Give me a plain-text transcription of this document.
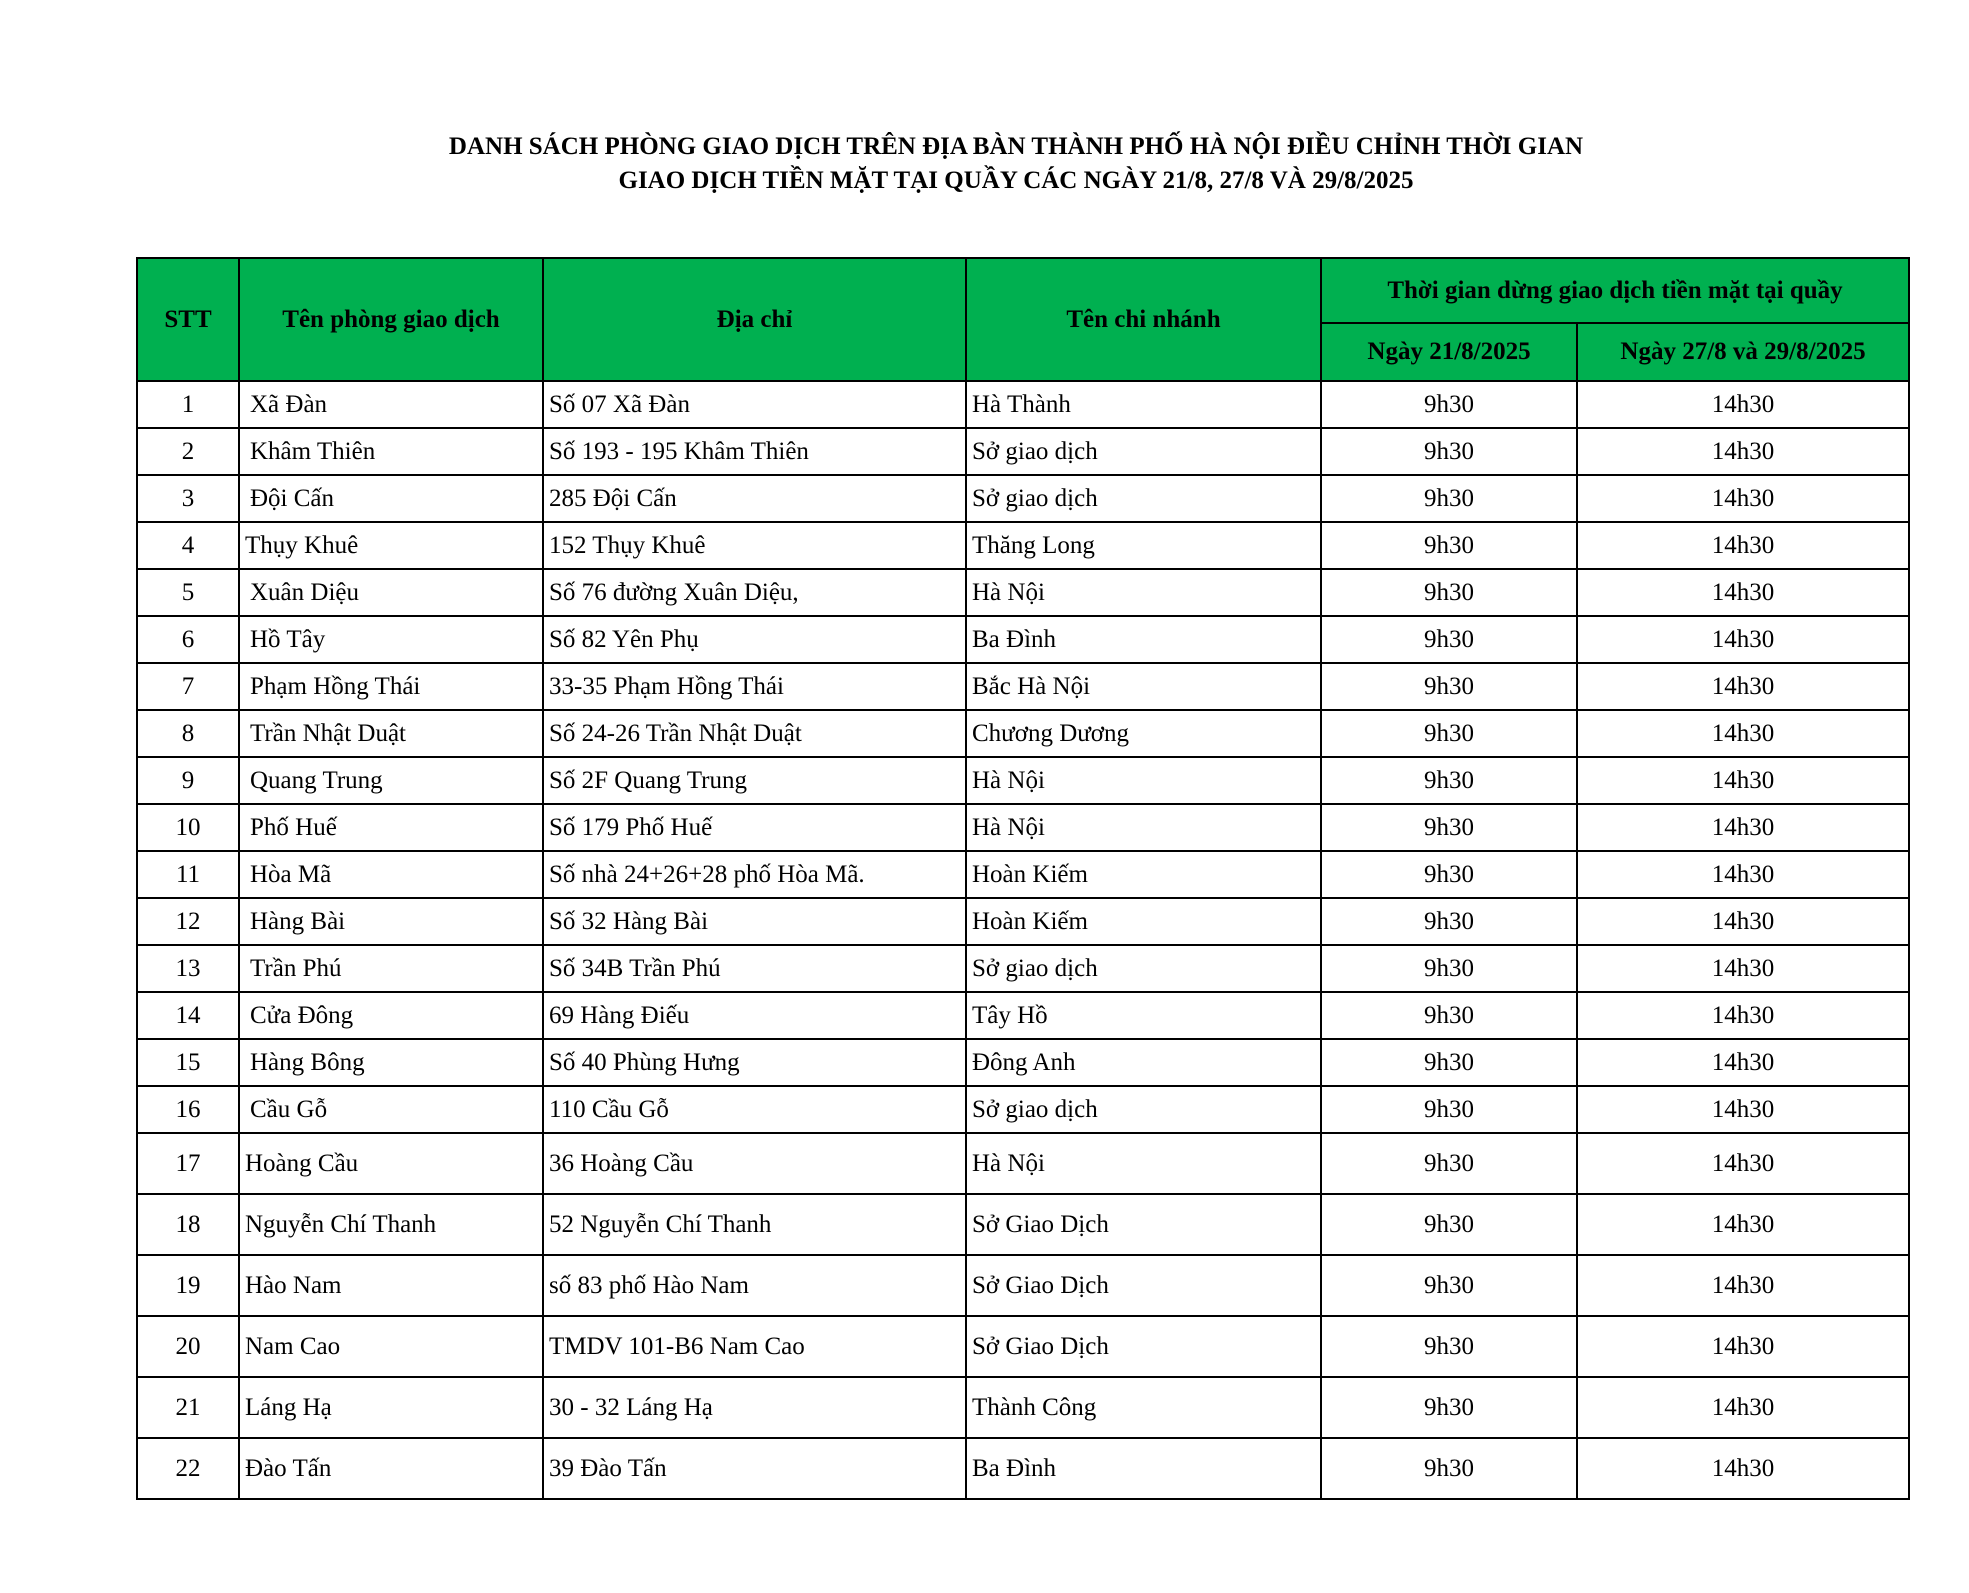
DANH SÁCH PHÒNG GIAO DỊCH TRÊN ĐỊA BÀN THÀNH PHỐ HÀ NỘI ĐIỀU CHỈNH THỜI GIAN
GIAO DỊCH TIỀN MẶT TẠI QUẦY CÁC NGÀY 21/8, 27/8 VÀ 29/8/2025
STT	Tên phòng giao dịch	Địa chỉ	Tên chi nhánh	Thời gian dừng giao dịch tiền mặt tại quầy	
				Ngày 21/8/2025	Ngày 27/8 và 29/8/2025
1	Xã Đàn	Số 07 Xã Đàn	Hà Thành	9h30	14h30
2	Khâm Thiên	Số 193 - 195 Khâm Thiên	Sở giao dịch	9h30	14h30
3	Đội Cấn	285 Đội Cấn	Sở giao dịch	9h30	14h30
4	Thụy Khuê	152 Thụy Khuê	Thăng Long	9h30	14h30
5	Xuân Diệu	Số 76 đường Xuân Diệu,	Hà Nội	9h30	14h30
6	Hồ Tây	Số 82 Yên Phụ	Ba Đình	9h30	14h30
7	Phạm Hồng Thái	33-35 Phạm Hồng Thái	Bắc Hà Nội	9h30	14h30
8	Trần Nhật Duật	Số 24-26 Trần Nhật Duật	Chương Dương	9h30	14h30
9	Quang Trung	Số 2F Quang Trung	Hà Nội	9h30	14h30
10	Phố Huế	Số 179 Phố Huế	Hà Nội	9h30	14h30
11	Hòa Mã	Số nhà 24+26+28 phố Hòa Mã.	Hoàn Kiếm	9h30	14h30
12	Hàng Bài	Số 32 Hàng Bài	Hoàn Kiếm	9h30	14h30
13	Trần Phú	Số 34B Trần Phú	Sở giao dịch	9h30	14h30
14	Cửa Đông	69 Hàng Điếu	Tây Hồ	9h30	14h30
15	Hàng Bông	Số 40 Phùng Hưng	Đông Anh	9h30	14h30
16	Cầu Gỗ	110 Cầu Gỗ	Sở giao dịch	9h30	14h30
17	Hoàng Cầu	36 Hoàng Cầu	Hà Nội	9h30	14h30
18	Nguyễn Chí Thanh	52 Nguyễn Chí Thanh	Sở Giao Dịch	9h30	14h30
19	Hào Nam	số 83 phố Hào Nam	Sở Giao Dịch	9h30	14h30
20	Nam Cao	TMDV 101-B6 Nam Cao	Sở Giao Dịch	9h30	14h30
21	Láng Hạ	30 - 32 Láng Hạ	Thành Công	9h30	14h30
22	Đào Tấn	39 Đào Tấn	Ba Đình	9h30	14h30
